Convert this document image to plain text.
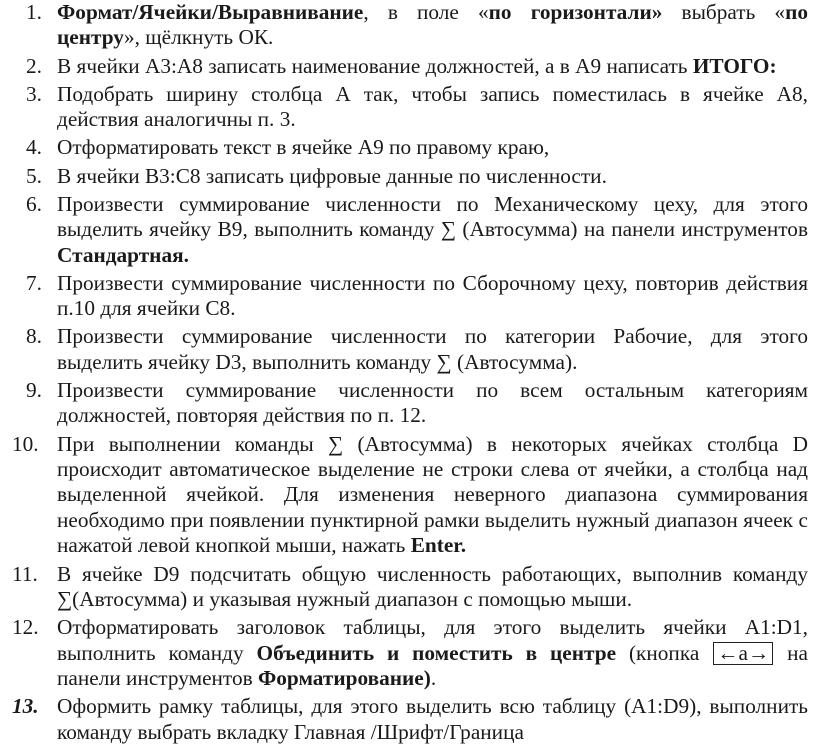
1. Формат/Ячейки/Выравнивание, в поле «по горизонтали» выбрать «по центру», щёлкнуть ОК.
2. В ячейки А3:А8 записать наименование должностей, а в А9 написать ИТОГО:
3. Подобрать ширину столбца А так, чтобы запись поместилась в ячейке А8, действия аналогичны п. 3.
4. Отформатировать текст в ячейке А9 по правому краю,
5. В ячейки В3:С8 записать цифровые данные по численности.
6. Произвести суммирование численности по Механическому цеху, для этого выделить ячейку В9, выполнить команду ∑ (Автосумма) на панели инструментов Стандартная.
7. Произвести суммирование численности по Сборочному цеху, повторив действия п.10 для ячейки С8.
8. Произвести суммирование численности по категории Рабочие, для этого выделить ячейку D3, выполнить команду ∑ (Автосумма).
9. Произвести суммирование численности по всем остальным категориям должностей, повторяя действия по п. 12.
10. При выполнении команды ∑ (Автосумма) в некоторых ячейках столбца D происходит автоматическое выделение не строки слева от ячейки, а столбца над выделенной ячейкой. Для изменения неверного диапазона суммирования необходимо при появлении пунктирной рамки выделить нужный диапазон ячеек с нажатой левой кнопкой мыши, нажать Enter.
11. В ячейке D9 подсчитать общую численность работающих, выполнив команду ∑(Автосумма) и указывая нужный диапазон с помощью мыши.
12. Отформатировать заголовок таблицы, для этого выделить ячейки А1:D1, выполнить команду Объединить и поместить в центре (кнопка ←а→ на панели инструментов Форматирование).
13. Оформить рамку таблицы, для этого выделить всю таблицу (А1:D9), выполнить команду выбрать вкладку Главная /Шрифт/Граница
